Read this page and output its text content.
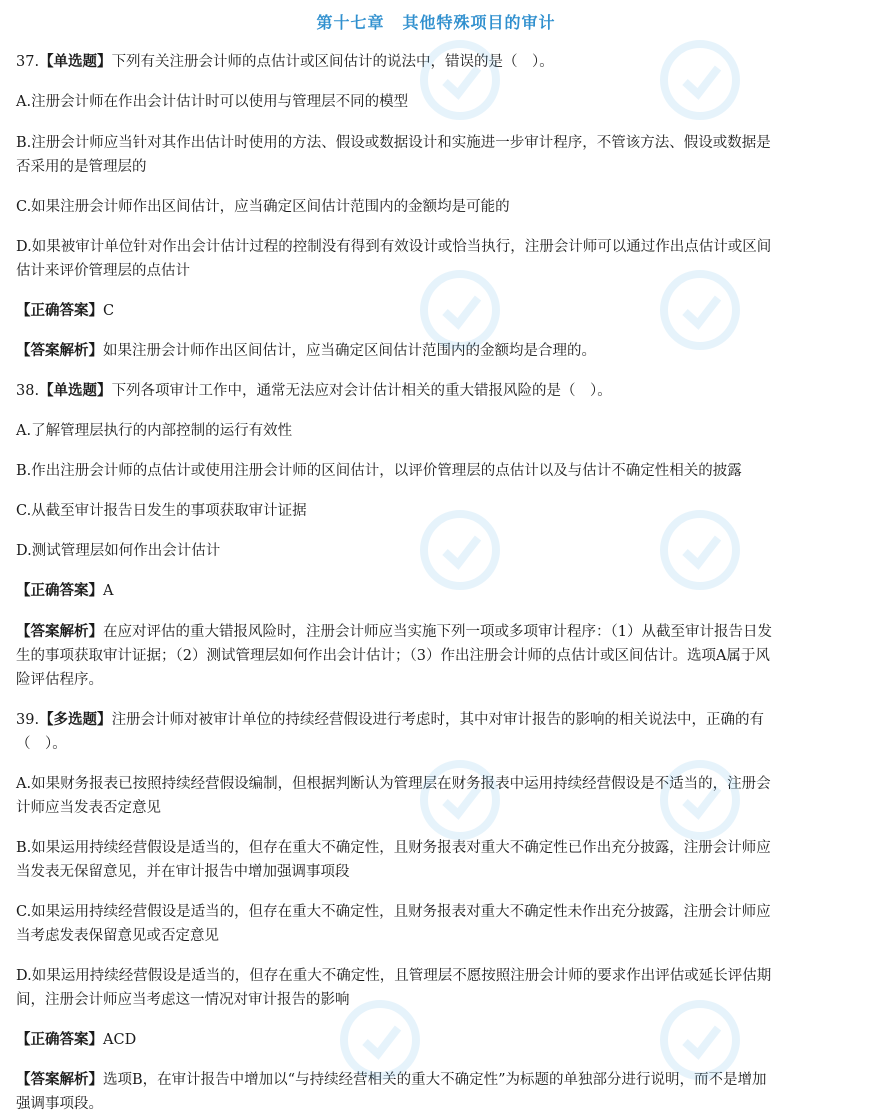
第十七章 其他特殊项目的审计
37.【单选题】下列有关注册会计师的点估计或区间估计的说法中，错误的是（　）。
A.注册会计师在作出会计估计时可以使用与管理层不同的模型
B.注册会计师应当针对其作出估计时使用的方法、假设或数据设计和实施进一步审计程序，不管该方法、假设或数据是
否采用的是管理层的
C.如果注册会计师作出区间估计，应当确定区间估计范围内的金额均是可能的
D.如果被审计单位针对作出会计估计过程的控制没有得到有效设计或恰当执行，注册会计师可以通过作出点估计或区间
估计来评价管理层的点估计
【正确答案】C
【答案解析】如果注册会计师作出区间估计，应当确定区间估计范围内的金额均是合理的。
38.【单选题】下列各项审计工作中，通常无法应对会计估计相关的重大错报风险的是（　）。
A.了解管理层执行的内部控制的运行有效性
B.作出注册会计师的点估计或使用注册会计师的区间估计，以评价管理层的点估计以及与估计不确定性相关的披露
C.从截至审计报告日发生的事项获取审计证据
D.测试管理层如何作出会计估计
【正确答案】A
【答案解析】在应对评估的重大错报风险时，注册会计师应当实施下列一项或多项审计程序：（1）从截至审计报告日发
生的事项获取审计证据；（2）测试管理层如何作出会计估计；（3）作出注册会计师的点估计或区间估计。选项A属于风
险评估程序。
39.【多选题】注册会计师对被审计单位的持续经营假设进行考虑时，其中对审计报告的影响的相关说法中，正确的有
（　）。
A.如果财务报表已按照持续经营假设编制，但根据判断认为管理层在财务报表中运用持续经营假设是不适当的，注册会
计师应当发表否定意见
B.如果运用持续经营假设是适当的，但存在重大不确定性，且财务报表对重大不确定性已作出充分披露，注册会计师应
当发表无保留意见，并在审计报告中增加强调事项段
C.如果运用持续经营假设是适当的，但存在重大不确定性，且财务报表对重大不确定性未作出充分披露，注册会计师应
当考虑发表保留意见或否定意见
D.如果运用持续经营假设是适当的，但存在重大不确定性，且管理层不愿按照注册会计师的要求作出评估或延长评估期
间，注册会计师应当考虑这一情况对审计报告的影响
【正确答案】ACD
【答案解析】选项B，在审计报告中增加以“与持续经营相关的重大不确定性”为标题的单独部分进行说明，而不是增加
强调事项段。
